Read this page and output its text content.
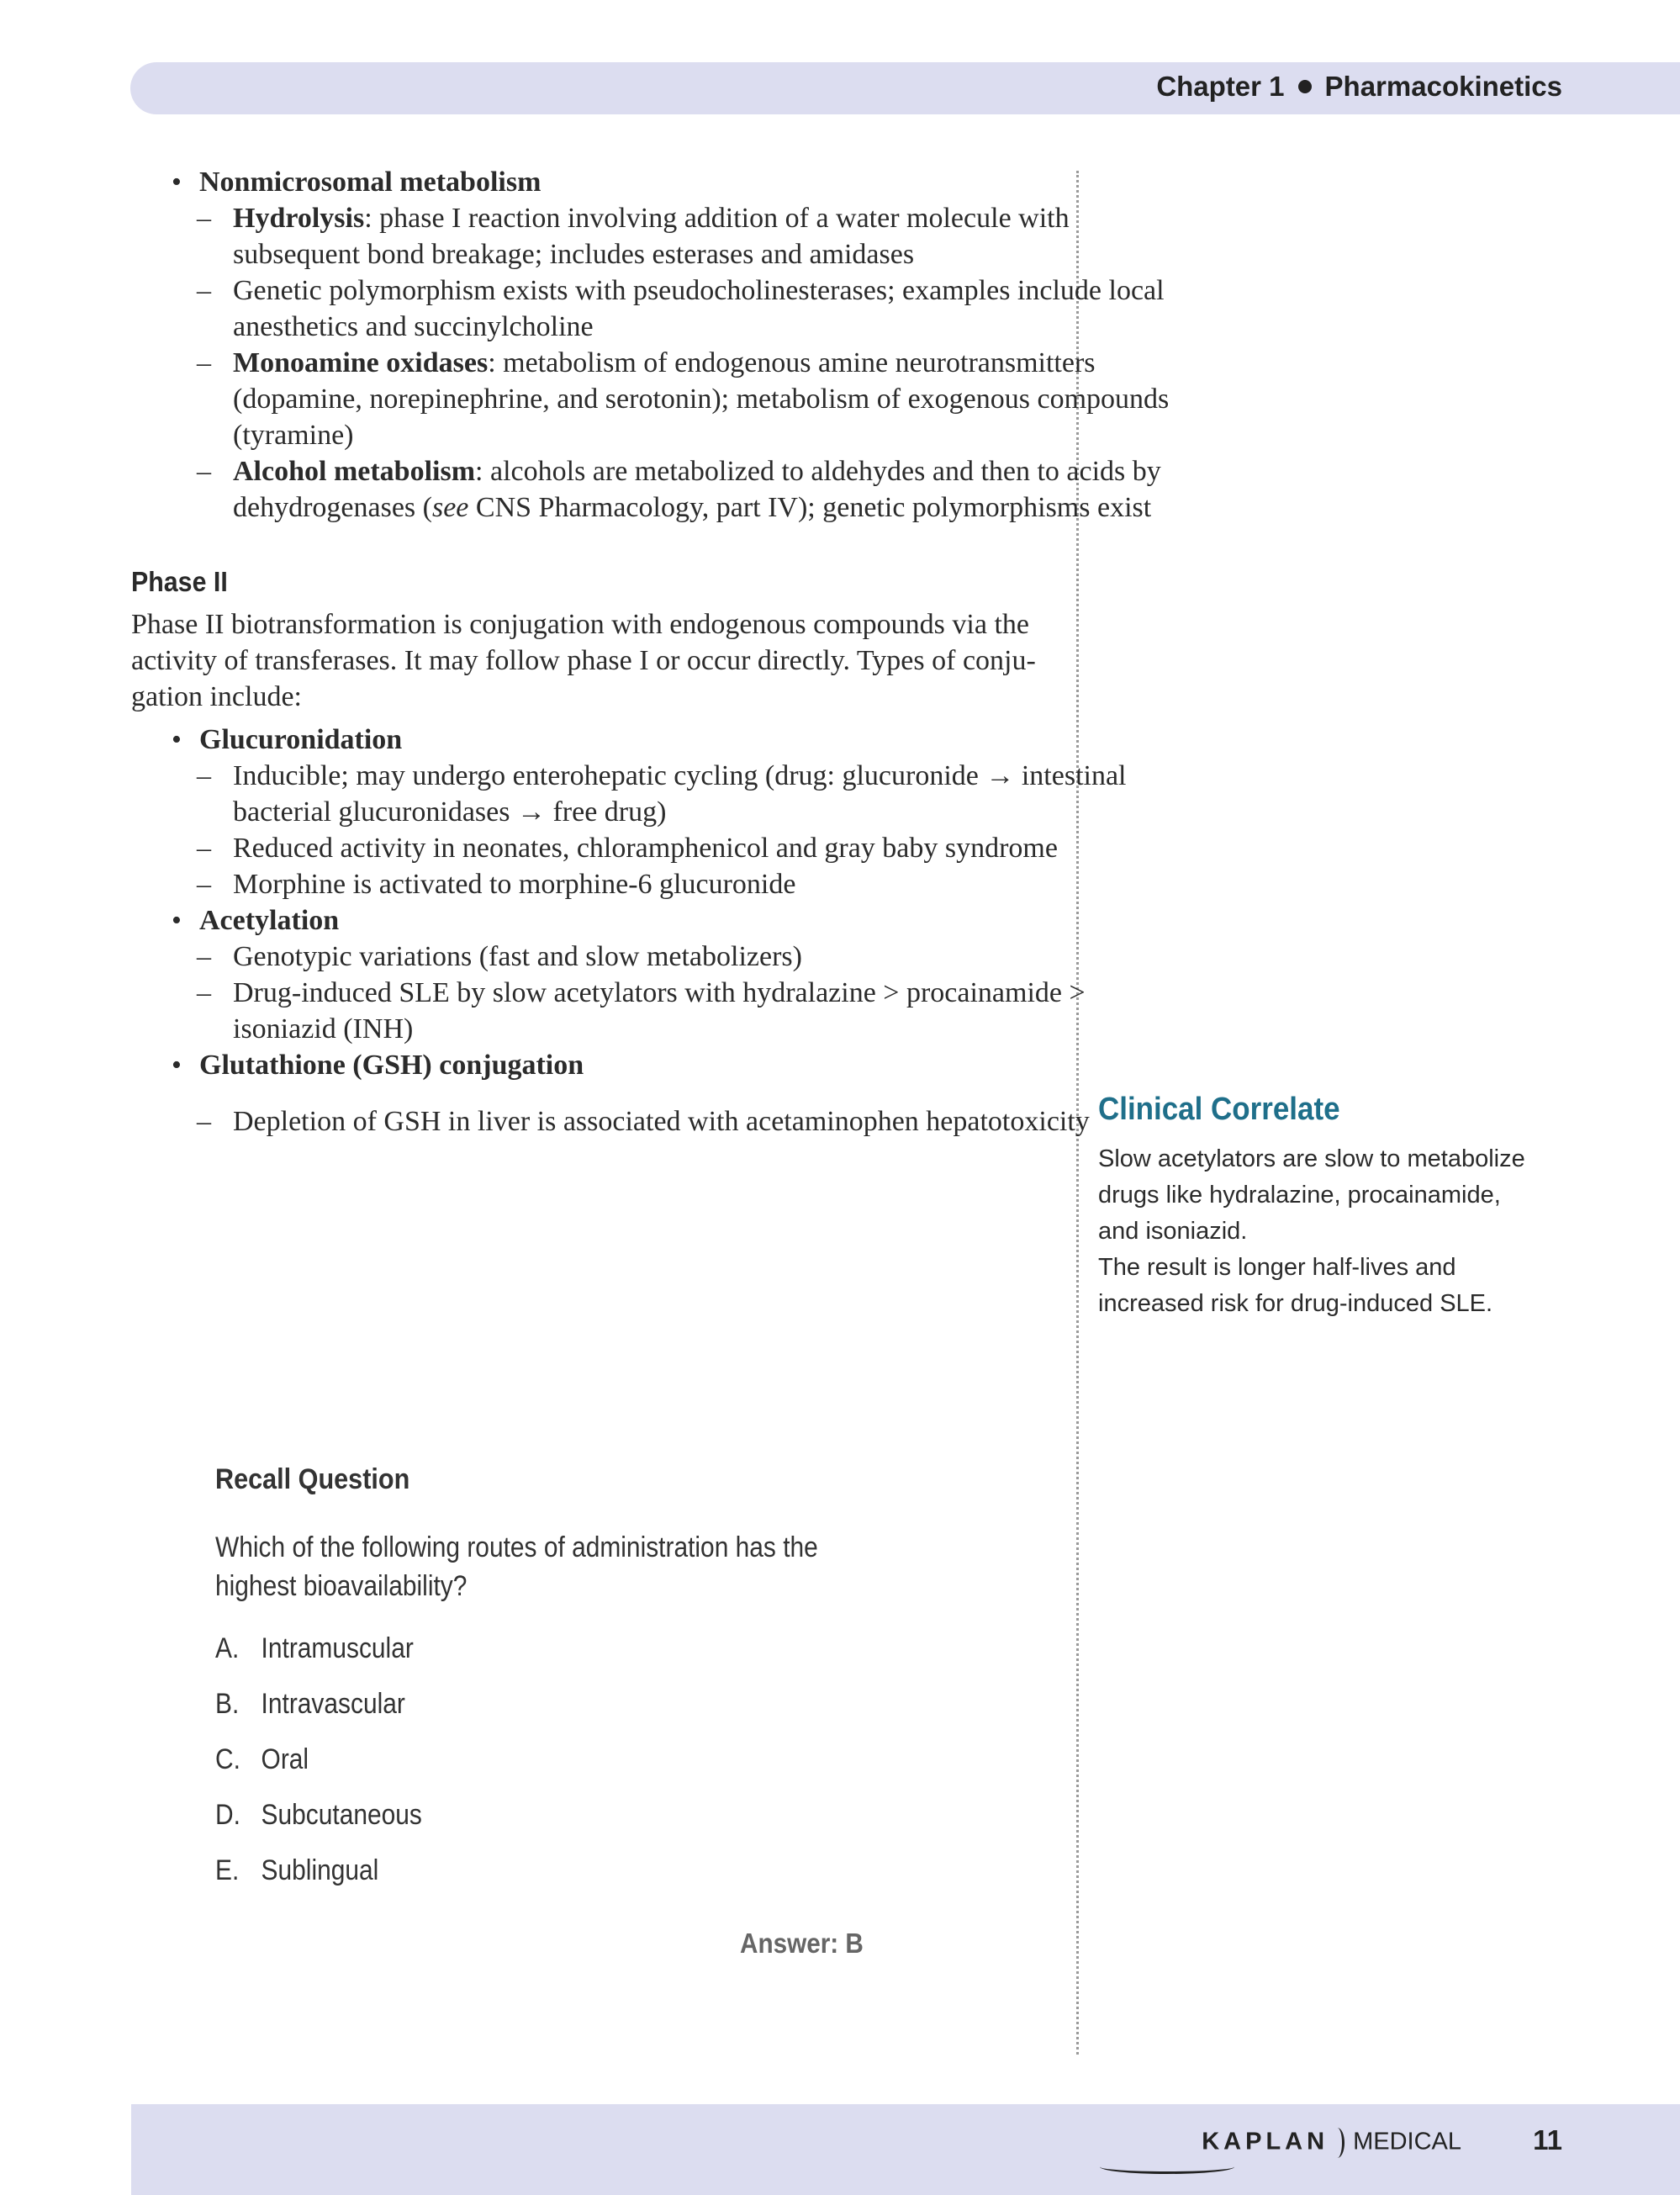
Chapter 1 Pharmacokinetics

• Nonmicrosomal metabolism

– Hydrolysis: phase I reaction involving addition of a water molecule with subsequent bond breakage; includes esterases and amidases

– Genetic polymorphism exists with pseudocholinesterases; examples include local anesthetics and succinylcholine

– Monoamine oxidases: metabolism of endogenous amine neurotransmitters (dopamine, norepinephrine, and serotonin); metabolism of exogenous compounds (tyramine)

– Alcohol metabolism: alcohols are metabolized to aldehydes and then to acids by dehydrogenases (see CNS Pharmacology, part IV); genetic polymorphisms exist

Phase II

Phase II biotransformation is conjugation with endogenous compounds via the activity of transferases. It may follow phase I or occur directly. Types of conjugation include:

• Glucuronidation

– Inducible; may undergo enterohepatic cycling (drug: glucuronide → intestinal bacterial glucuronidases → free drug)

– Reduced activity in neonates, chloramphenicol and gray baby syndrome

– Morphine is activated to morphine-6 glucuronide

• Acetylation

– Genotypic variations (fast and slow metabolizers)

– Drug-induced SLE by slow acetylators with hydralazine > procainamide > isoniazid (INH)

• Glutathione (GSH) conjugation

– Depletion of GSH in liver is associated with acetaminophen hepatotoxicity

Recall Question
Which of the following routes of administration has the highest bioavailability?
A. Intramuscular
B. Intravascular
C. Oral
D. Subcutaneous
E. Sublingual
Answer: B
Clinical Correlate
Slow acetylators are slow to metabolize drugs like hydralazine, procainamide, and isoniazid.
The result is longer half-lives and increased risk for drug-induced SLE.
KAPLAN MEDICAL	11
